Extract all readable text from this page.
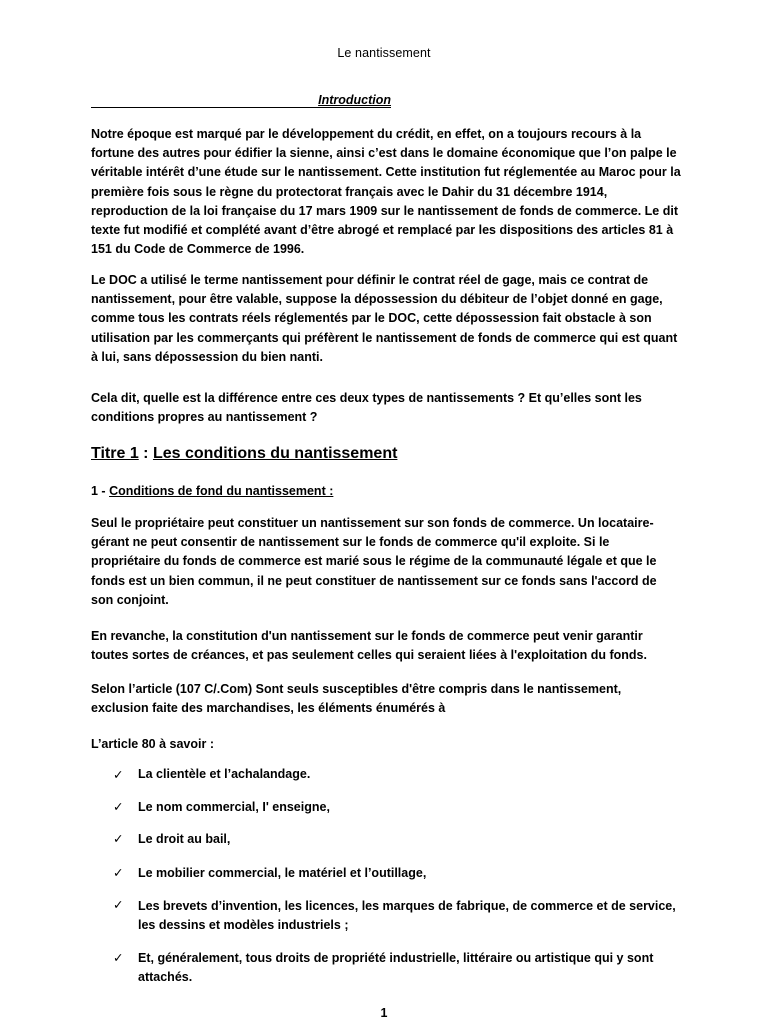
Le nantissement
Introduction
Notre époque est marqué par le développement du crédit, en effet, on a toujours recours à la fortune des autres pour édifier la sienne, ainsi c’est dans le domaine économique que l’on palpe le véritable intérêt d’une étude sur le nantissement. Cette institution fut réglementée au Maroc pour la première fois sous le règne du protectorat français avec le Dahir du 31 décembre 1914, reproduction de la loi française du 17 mars 1909 sur le nantissement de fonds de commerce. Le dit texte fut modifié et complété avant d’être abrogé et remplacé par les dispositions des articles 81 à 151 du Code de Commerce de 1996.
Le DOC a utilisé le terme nantissement pour définir le contrat réel de gage, mais ce contrat de nantissement, pour être valable, suppose la dépossession du débiteur de l’objet donné en gage, comme tous les contrats réels réglementés par le DOC, cette dépossession fait obstacle à son utilisation par les commerçants qui préfèrent le nantissement de fonds de commerce qui est quant à lui, sans dépossession du bien nanti.
Cela dit, quelle est la différence entre ces deux types de nantissements ? Et qu’elles sont les conditions propres au nantissement ?
Titre 1 : Les conditions du nantissement
1 - Conditions de fond du nantissement :
Seul le propriétaire peut constituer un nantissement sur son fonds de commerce. Un locataire-gérant ne peut consentir de nantissement sur le fonds de commerce qu'il exploite. Si le propriétaire du fonds de commerce est marié sous le régime de la communauté légale et que le fonds est un bien commun, il ne peut constituer de nantissement sur ce fonds sans l'accord de son conjoint.
En revanche, la constitution d'un nantissement sur le fonds de commerce peut venir garantir toutes sortes de créances, et pas seulement celles qui seraient liées à l'exploitation du fonds.
Selon l’article (107 C/.Com) Sont seuls susceptibles d'être compris dans le nantissement, exclusion faite des marchandises, les éléments énumérés à
L’article 80 à savoir :
✓ La clientèle et l’achalandage.
✓ Le nom commercial, I' enseigne,
✓ Le droit au bail,
✓ Le mobilier commercial, le matériel et l’outillage,
✓ Les brevets d’invention, les licences, les marques de fabrique, de commerce et de service, les dessins et modèles industriels ;
✓ Et, généralement, tous droits de propriété industrielle, littéraire ou artistique qui y sont attachés.
1
